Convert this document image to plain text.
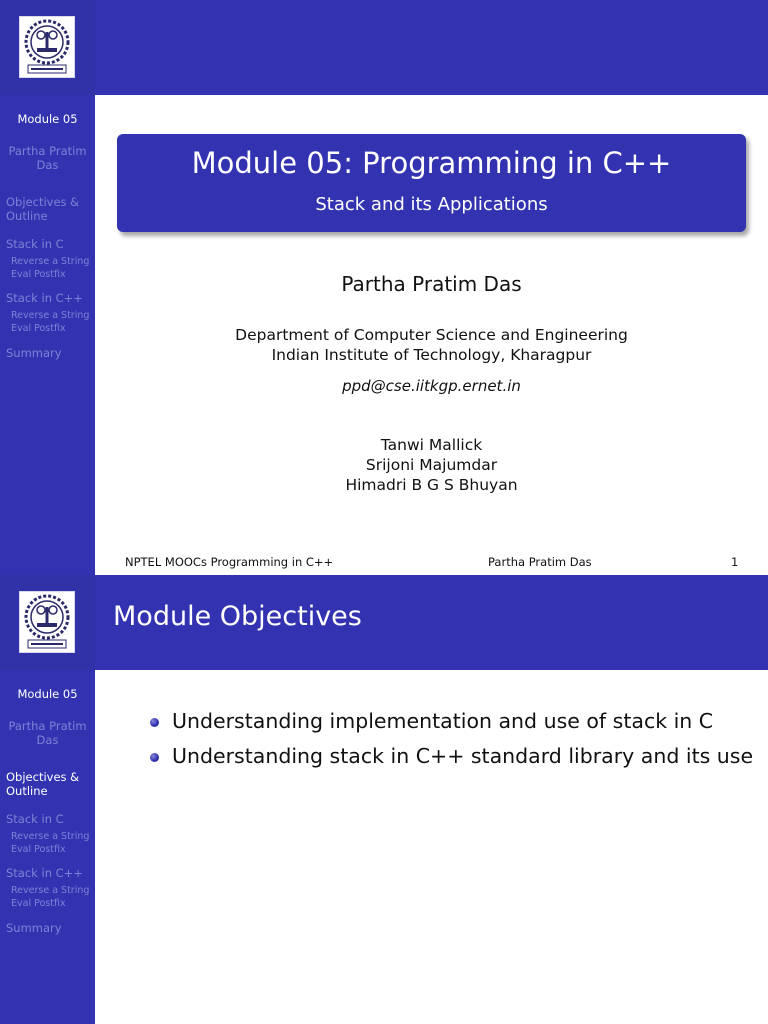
Module 05
Partha Pratim Das
Objectives & Outline
Stack in C
Reverse a String
Eval Postfix
Stack in C++
Reverse a String
Eval Postfix
Summary
Module 05: Programming in C++
Stack and its Applications
Partha Pratim Das
Department of Computer Science and Engineering
Indian Institute of Technology, Kharagpur
ppd@cse.iitkgp.ernet.in
Tanwi Mallick
Srijoni Majumdar
Himadri B G S Bhuyan
NPTEL MOOCs Programming in C++	Partha Pratim Das	1
Module Objectives
Module 05
Partha Pratim Das
Objectives & Outline
Stack in C
Reverse a String
Eval Postfix
Stack in C++
Reverse a String
Eval Postfix
Summary
Understanding implementation and use of stack in C
Understanding stack in C++ standard library and its use
